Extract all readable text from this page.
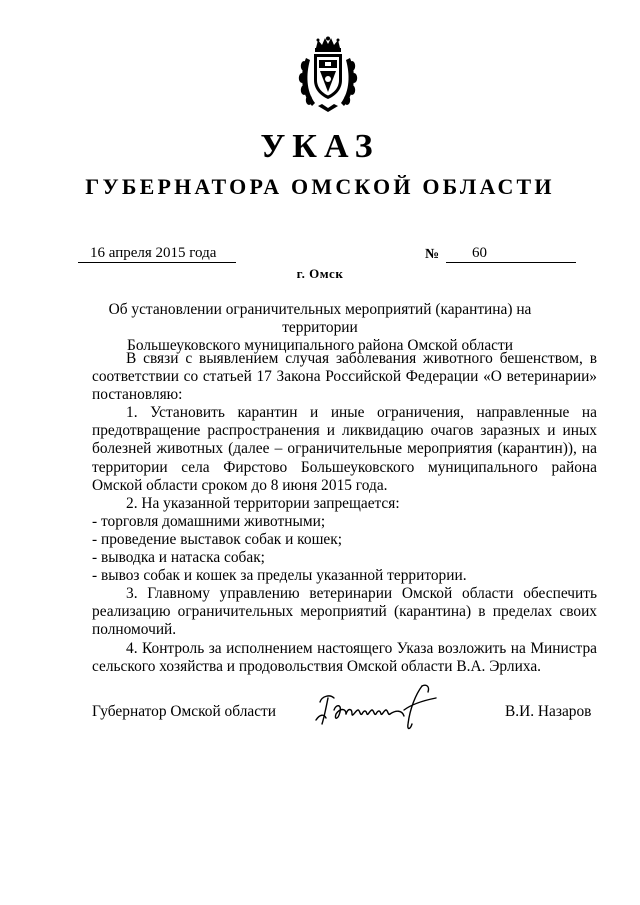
УКАЗ
ГУБЕРНАТОРА ОМСКОЙ ОБЛАСТИ
16 апреля 2015 года	№	60
г. Омск
Об установлении ограничительных мероприятий (карантина) на территории
Большеуковского муниципального района Омской области

В связи с выявлением случая заболевания животного бешенством, в соответствии со статьей 17 Закона Российской Федерации «О ветеринарии» постановляю:

1. Установить карантин и иные ограничения, направленные на предотвращение распространения и ликвидацию очагов заразных и иных болезней животных (далее – ограничительные мероприятия (карантин)), на территории села Фирстово Большеуковского муниципального района Омской области сроком до 8 июня 2015 года.

2. На указанной территории запрещается:

- торговля домашними животными;

- проведение выставок собак и кошек;

- выводка и натаска собак;

- вывоз собак и кошек за пределы указанной территории.

3. Главному управлению ветеринарии Омской области обеспечить реализацию ограничительных мероприятий (карантина) в пределах своих полномочий.

4. Контроль за исполнением настоящего Указа возложить на Министра сельского хозяйства и продовольствия Омской области В.А. Эрлиха.

Губернатор Омской области	В.И. Назаров
